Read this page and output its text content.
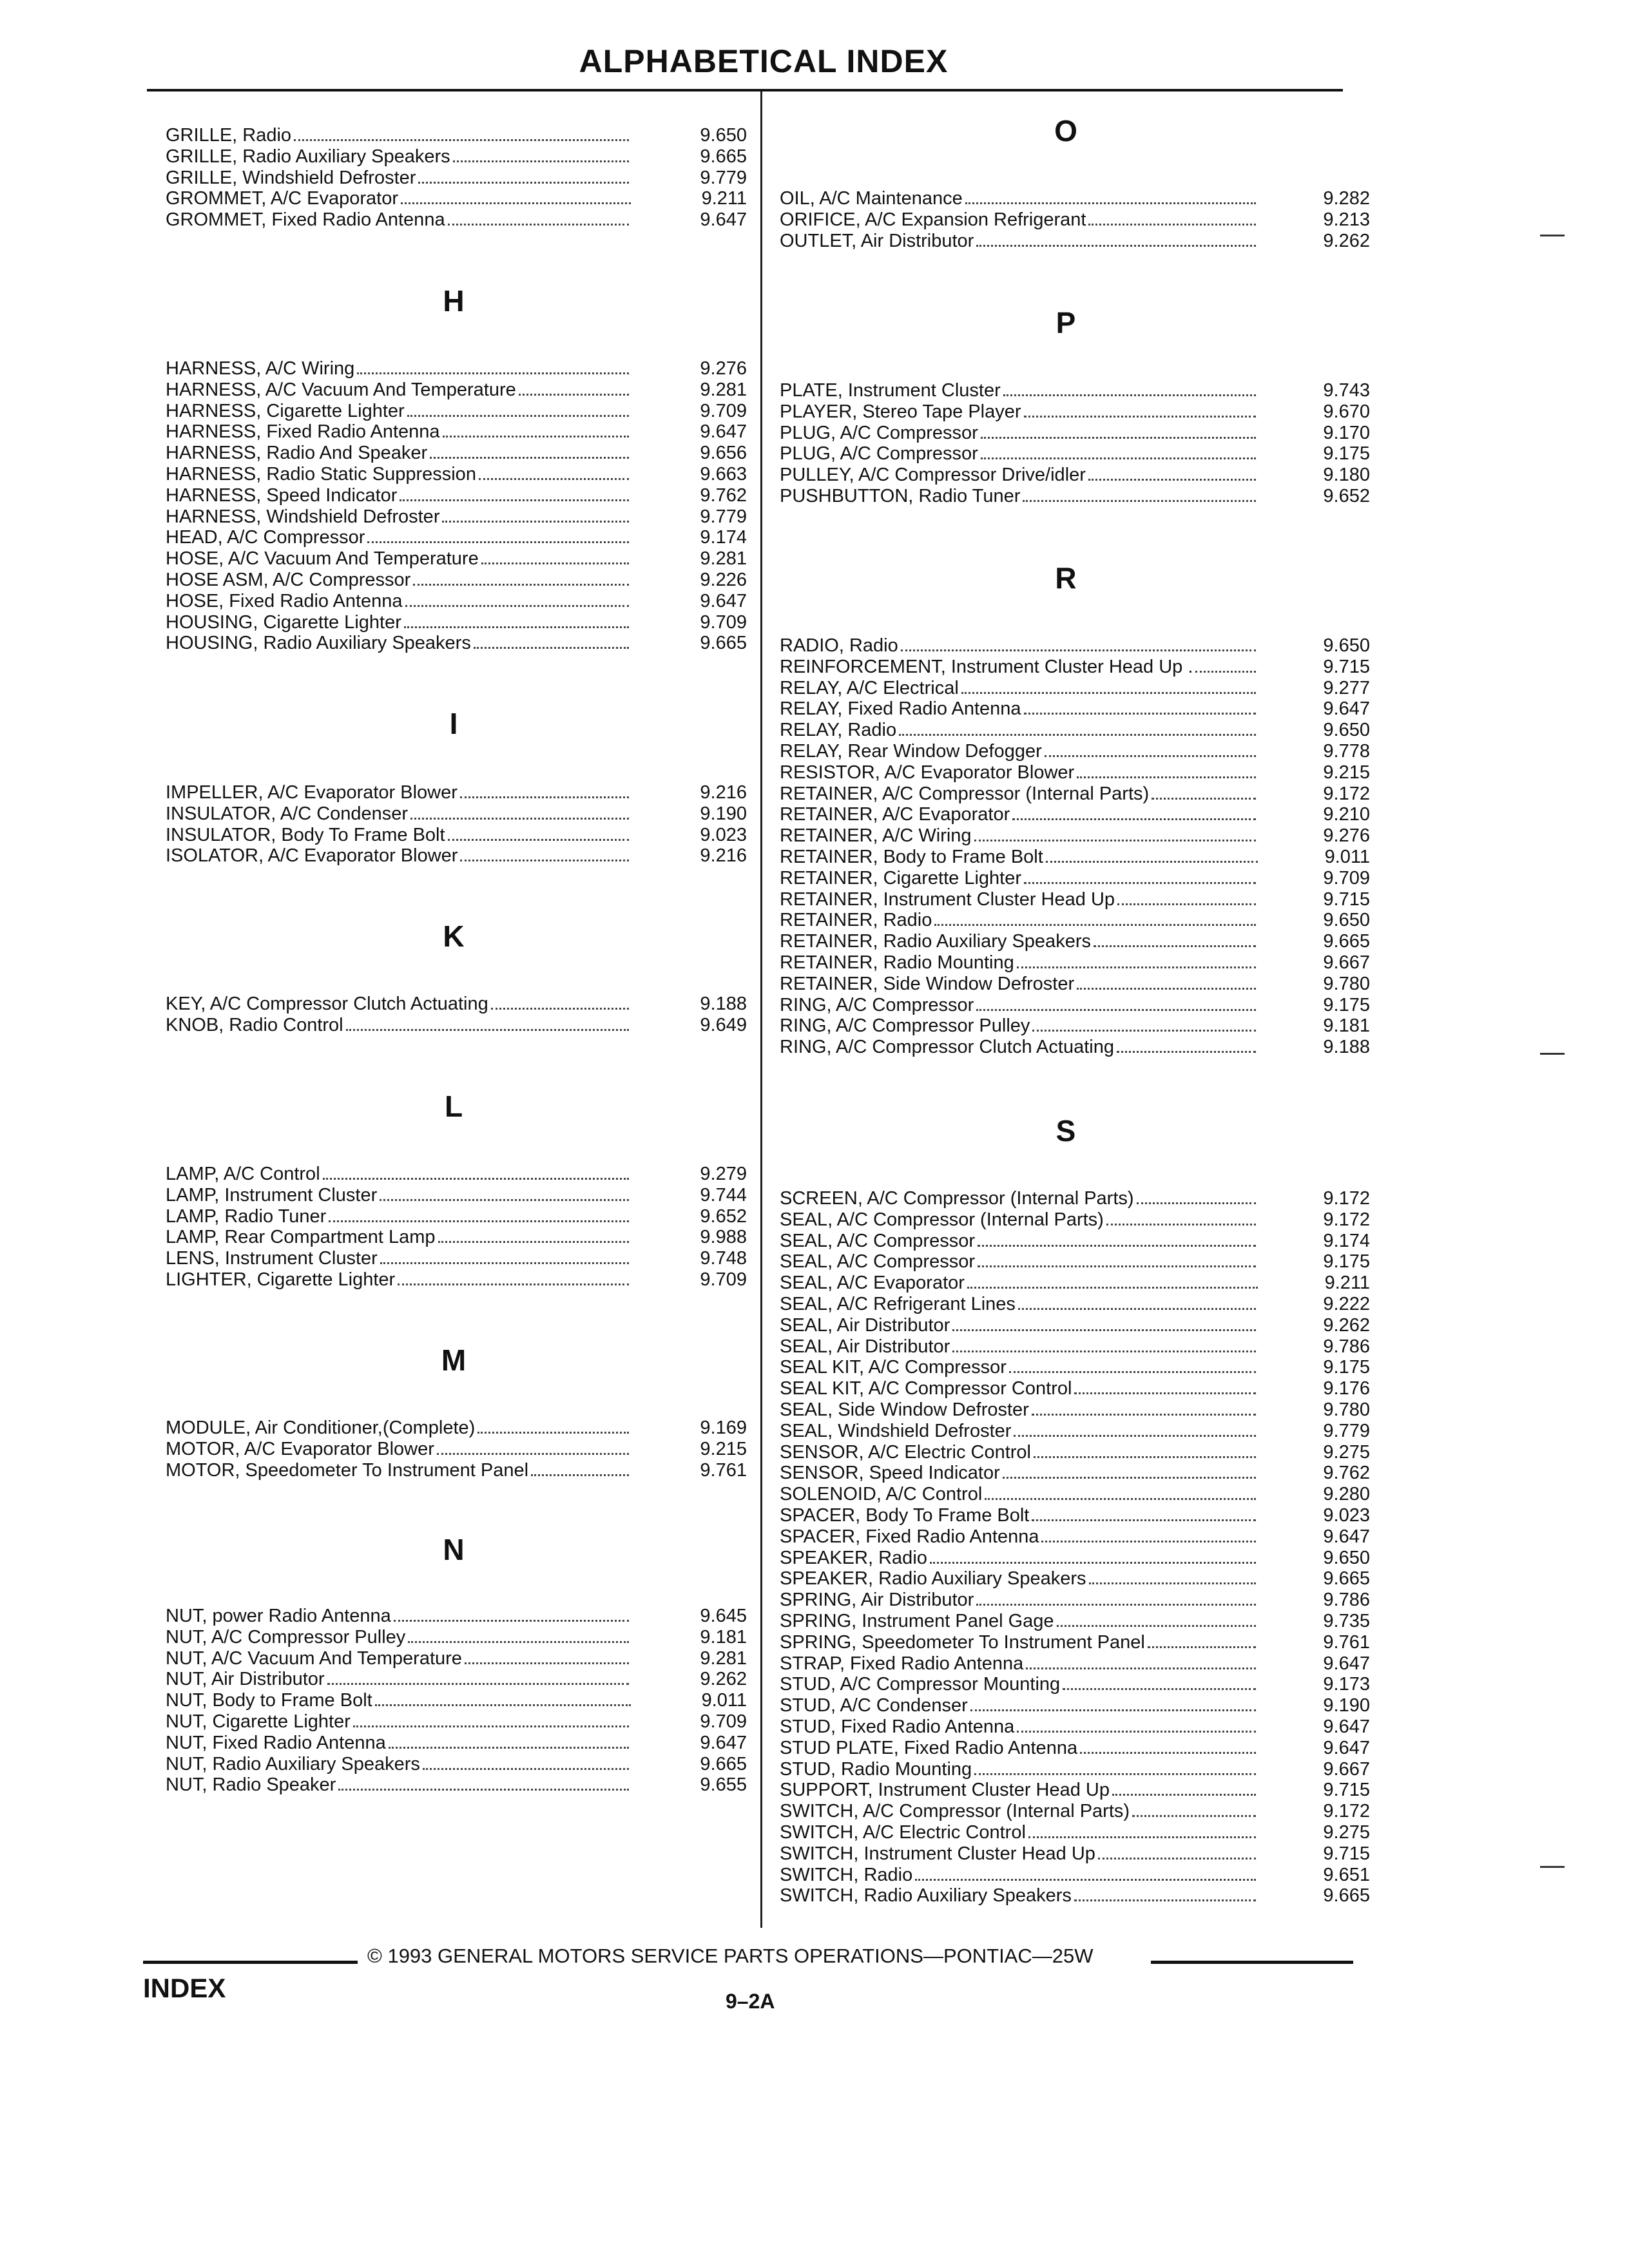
ALPHABETICAL INDEX
H
I
K
L
M
N
O
P
R
S
© 1993 GENERAL MOTORS SERVICE PARTS OPERATIONS—PONTIAC—25W
INDEX	9–2A
GRILLE, Radio	9.650
GRILLE, Radio Auxiliary Speakers	9.665
GRILLE, Windshield Defroster	9.779
GROMMET, A/C Evaporator	9.211
GROMMET, Fixed Radio Antenna	9.647
HARNESS, A/C Wiring	9.276
HARNESS, A/C Vacuum And Temperature	9.281
HARNESS, Cigarette Lighter	9.709
HARNESS, Fixed Radio Antenna	9.647
HARNESS, Radio And Speaker	9.656
HARNESS, Radio Static Suppression	9.663
HARNESS, Speed Indicator	9.762
HARNESS, Windshield Defroster	9.779
HEAD, A/C Compressor	9.174
HOSE, A/C Vacuum And Temperature	9.281
HOSE ASM, A/C Compressor	9.226
HOSE, Fixed Radio Antenna	9.647
HOUSING, Cigarette Lighter	9.709
HOUSING, Radio Auxiliary Speakers	9.665
IMPELLER, A/C Evaporator Blower	9.216
INSULATOR, A/C Condenser	9.190
INSULATOR, Body To Frame Bolt	9.023
ISOLATOR, A/C Evaporator Blower	9.216
KEY, A/C Compressor Clutch Actuating	9.188
KNOB, Radio Control	9.649
LAMP, A/C Control	9.279
LAMP, Instrument Cluster	9.744
LAMP, Radio Tuner	9.652
LAMP, Rear Compartment Lamp	9.988
LENS, Instrument Cluster	9.748
LIGHTER, Cigarette Lighter	9.709
MODULE, Air Conditioner,(Complete)	9.169
MOTOR, A/C Evaporator Blower	9.215
MOTOR, Speedometer To Instrument Panel	9.761
NUT, power Radio Antenna	9.645
NUT, A/C Compressor Pulley	9.181
NUT, A/C Vacuum And Temperature	9.281
NUT, Air Distributor	9.262
NUT, Body to Frame Bolt	9.011
NUT, Cigarette Lighter	9.709
NUT, Fixed Radio Antenna	9.647
NUT, Radio Auxiliary Speakers	9.665
NUT, Radio Speaker	9.655
OIL, A/C Maintenance	9.282
ORIFICE, A/C Expansion Refrigerant	9.213
OUTLET, Air Distributor	9.262
PLATE, Instrument Cluster	9.743
PLAYER, Stereo Tape Player	9.670
PLUG, A/C Compressor	9.170
PLUG, A/C Compressor	9.175
PULLEY, A/C Compressor Drive/idler	9.180
PUSHBUTTON, Radio Tuner	9.652
RADIO, Radio	9.650
REINFORCEMENT, Instrument Cluster Head Up .	9.715
RELAY, A/C Electrical	9.277
RELAY, Fixed Radio Antenna	9.647
RELAY, Radio	9.650
RELAY, Rear Window Defogger	9.778
RESISTOR, A/C Evaporator Blower	9.215
RETAINER, A/C Compressor (Internal Parts)	9.172
RETAINER, A/C Evaporator	9.210
RETAINER, A/C Wiring	9.276
RETAINER, Body to Frame Bolt	9.011
RETAINER, Cigarette Lighter	9.709
RETAINER, Instrument Cluster Head Up	9.715
RETAINER, Radio	9.650
RETAINER, Radio Auxiliary Speakers	9.665
RETAINER, Radio Mounting	9.667
RETAINER, Side Window Defroster	9.780
RING, A/C Compressor	9.175
RING, A/C Compressor Pulley	9.181
RING, A/C Compressor Clutch Actuating	9.188
SCREEN, A/C Compressor (Internal Parts)	9.172
SEAL, A/C Compressor (Internal Parts)	9.172
SEAL, A/C Compressor	9.174
SEAL, A/C Compressor	9.175
SEAL, A/C Evaporator	9.211
SEAL, A/C Refrigerant Lines	9.222
SEAL, Air Distributor	9.262
SEAL, Air Distributor	9.786
SEAL KIT, A/C Compressor	9.175
SEAL KIT, A/C Compressor Control	9.176
SEAL, Side Window Defroster	9.780
SEAL, Windshield Defroster	9.779
SENSOR, A/C Electric Control	9.275
SENSOR, Speed Indicator	9.762
SOLENOID, A/C Control	9.280
SPACER, Body To Frame Bolt	9.023
SPACER, Fixed Radio Antenna	9.647
SPEAKER, Radio	9.650
SPEAKER, Radio Auxiliary Speakers	9.665
SPRING, Air Distributor	9.786
SPRING, Instrument Panel Gage	9.735
SPRING, Speedometer To Instrument Panel	9.761
STRAP, Fixed Radio Antenna	9.647
STUD, A/C Compressor Mounting	9.173
STUD, A/C Condenser	9.190
STUD, Fixed Radio Antenna	9.647
STUD PLATE, Fixed Radio Antenna	9.647
STUD, Radio Mounting	9.667
SUPPORT, Instrument Cluster Head Up	9.715
SWITCH, A/C Compressor (Internal Parts)	9.172
SWITCH, A/C Electric Control	9.275
SWITCH, Instrument Cluster Head Up	9.715
SWITCH, Radio	9.651
SWITCH, Radio Auxiliary Speakers	9.665
